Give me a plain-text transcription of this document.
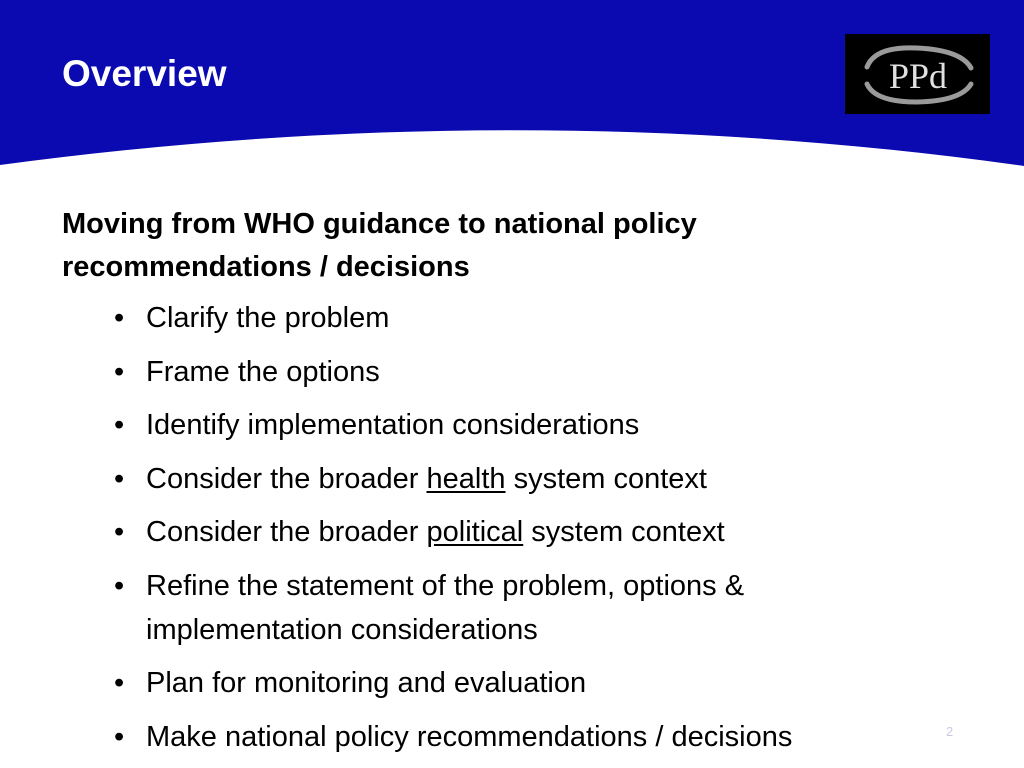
Overview	PPd

Moving from WHO guidance to national policy recommendations / decisions

• Clarify the problem
• Frame the options
• Identify implementation considerations
• Consider the broader health system context
• Consider the broader political system context
• Refine the statement of the problem, options & implementation considerations
• Plan for monitoring and evaluation
• Make national policy recommendations / decisions	2
